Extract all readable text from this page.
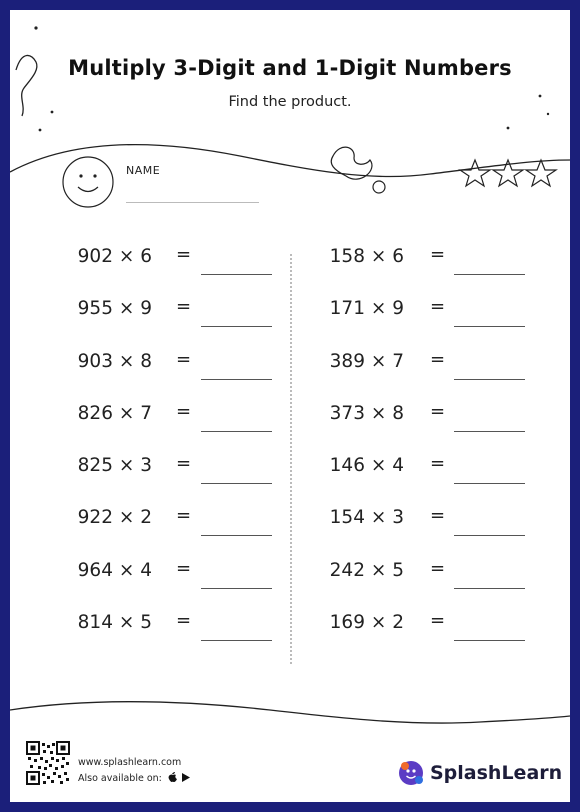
Multiply 3-Digit and 1-Digit Numbers
Find the product.
NAME
902 × 6 =
955 × 9 =
903 × 8 =
826 × 7 =
825 × 3 =
922 × 2 =
964 × 4 =
814 × 5 =
158 × 6 =
171 × 9 =
389 × 7 =
373 × 8 =
146 × 4 =
154 × 3 =
242 × 5 =
169 × 2 =
www.splashlearn.com
Also available on:	SplashLearn
